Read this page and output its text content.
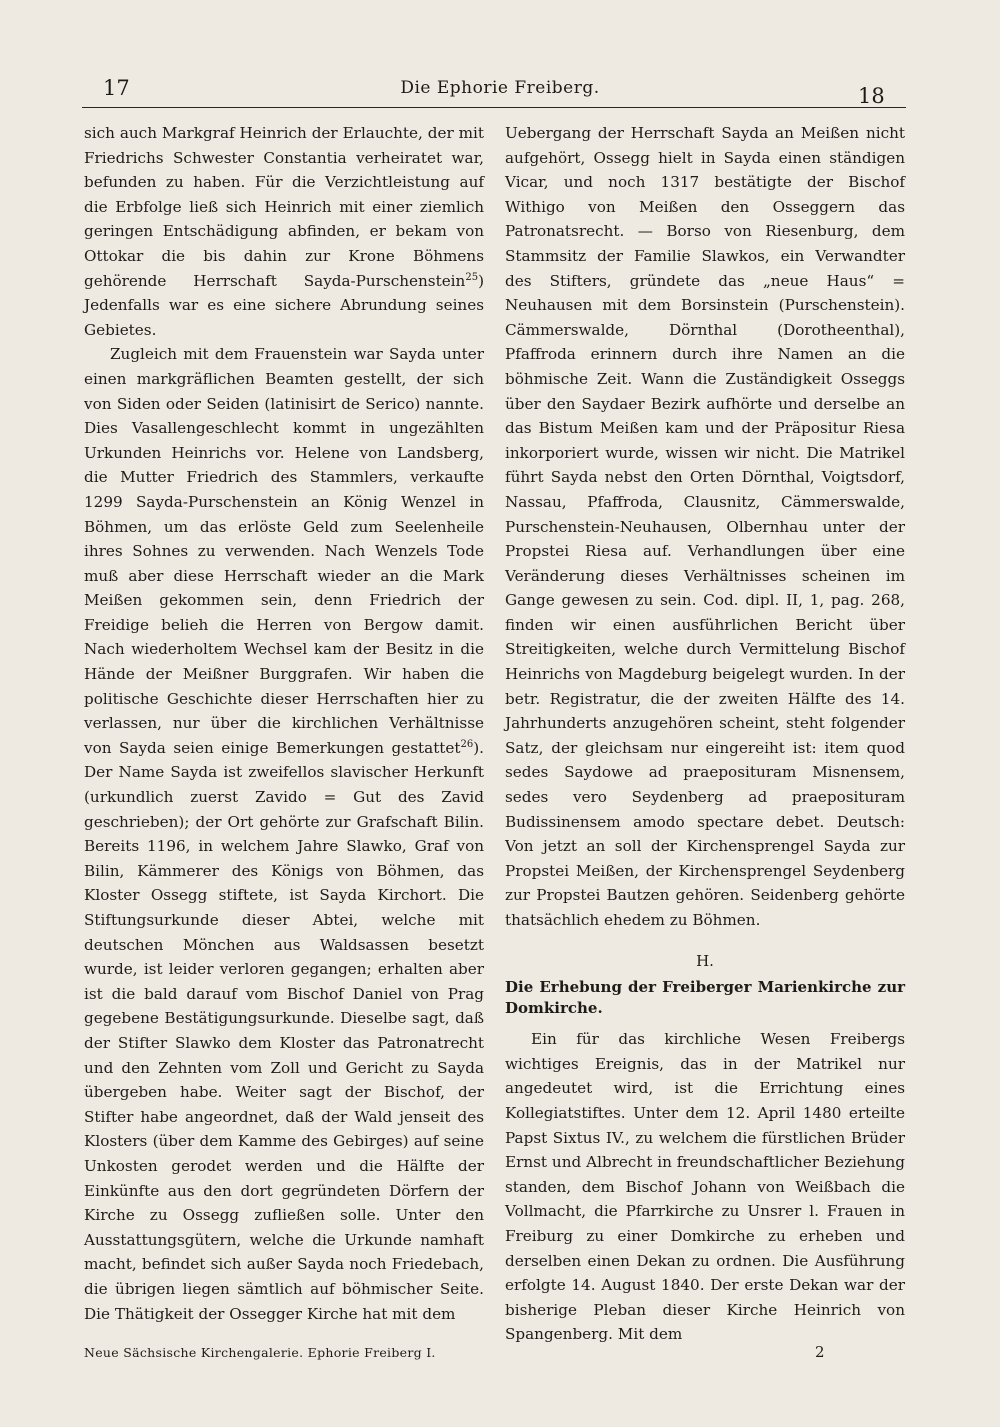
17	Die Ephorie Freiberg.	18

sich auch Markgraf Heinrich der Erlauchte, der mit Friedrichs Schwester Constantia verheiratet war, befunden zu haben. Für die Verzichtleistung auf die Erbfolge ließ sich Heinrich mit einer ziemlich geringen Entschädigung abfinden, er bekam von Ottokar die bis dahin zur Krone Böhmens gehörende Herrschaft Sayda-Purschenstein$^{25}$) Jedenfalls war es eine sichere Abrundung seines Gebietes.

Zugleich mit dem Frauenstein war Sayda unter einen markgräflichen Beamten gestellt, der sich von Siden oder Seiden (latinisirt de Serico) nannte. Dies Vasallengeschlecht kommt in ungezählten Urkunden Heinrichs vor. Helene von Landsberg, die Mutter Friedrich des Stammlers, verkaufte 1299 Sayda-Purschenstein an König Wenzel in Böhmen, um das erlöste Geld zum Seelenheile ihres Sohnes zu verwenden. Nach Wenzels Tode muß aber diese Herrschaft wieder an die Mark Meißen gekommen sein, denn Friedrich der Freidige belieh die Herren von Bergow damit. Nach wiederholtem Wechsel kam der Besitz in die Hände der Meißner Burggrafen. Wir haben die politische Geschichte dieser Herrschaften hier zu verlassen, nur über die kirchlichen Verhältnisse von Sayda seien einige Bemerkungen gestattet$^{26}$). Der Name Sayda ist zweifellos slavischer Herkunft (urkundlich zuerst Zavido = Gut des Zavid geschrieben); der Ort gehörte zur Grafschaft Bilin. Bereits 1196, in welchem Jahre Slawko, Graf von Bilin, Kämmerer des Königs von Böhmen, das Kloster Ossegg stiftete, ist Sayda Kirchort. Die Stiftungsurkunde dieser Abtei, welche mit deutschen Mönchen aus Waldsassen besetzt wurde, ist leider verloren gegangen; erhalten aber ist die bald darauf vom Bischof Daniel von Prag gegebene Bestätigungsurkunde. Dieselbe sagt, daß der Stifter Slawko dem Kloster das Patronatrecht und den Zehnten vom Zoll und Gericht zu Sayda übergeben habe. Weiter sagt der Bischof, der Stifter habe angeordnet, daß der Wald jenseit des Klosters (über dem Kamme des Gebirges) auf seine Unkosten gerodet werden und die Hälfte der Einkünfte aus den dort gegründeten Dörfern der Kirche zu Ossegg zufließen solle. Unter den Ausstattungsgütern, welche die Urkunde namhaft macht, befindet sich außer Sayda noch Friedebach, die übrigen liegen sämtlich auf böhmischer Seite. Die Thätigkeit der Ossegger Kirche hat mit dem

Uebergang der Herrschaft Sayda an Meißen nicht aufgehört, Ossegg hielt in Sayda einen ständigen Vicar, und noch 1317 bestätigte der Bischof Withigo von Meißen den Osseggern das Patronatsrecht. — Borso von Riesenburg, dem Stammsitz der Familie Slawkos, ein Verwandter des Stifters, gründete das „neue Haus“ = Neuhausen mit dem Borsinstein (Purschenstein). Cämmerswalde, Dörnthal (Dorotheenthal), Pfaffroda erinnern durch ihre Namen an die böhmische Zeit. Wann die Zuständigkeit Osseggs über den Saydaer Bezirk aufhörte und derselbe an das Bistum Meißen kam und der Präpositur Riesa inkorporiert wurde, wissen wir nicht. Die Matrikel führt Sayda nebst den Orten Dörnthal, Voigtsdorf, Nassau, Pfaffroda, Clausnitz, Cämmerswalde, Purschenstein-Neuhausen, Olbernhau unter der Propstei Riesa auf. Verhandlungen über eine Veränderung dieses Verhältnisses scheinen im Gange gewesen zu sein. Cod. dipl. II, 1, pag. 268, finden wir einen ausführlichen Bericht über Streitigkeiten, welche durch Vermittelung Bischof Heinrichs von Magdeburg beigelegt wurden. In der betr. Registratur, die der zweiten Hälfte des 14. Jahrhunderts anzugehören scheint, steht folgender Satz, der gleichsam nur eingereiht ist: item quod sedes Saydowe ad praeposituram Misnensem, sedes vero Seydenberg ad praeposituram Budissinensem amodo spectare debet. Deutsch: Von jetzt an soll der Kirchensprengel Sayda zur Propstei Meißen, der Kirchensprengel Seydenberg zur Propstei Bautzen gehören. Seidenberg gehörte thatsächlich ehedem zu Böhmen.

H.
Die Erhebung der Freiberger Marienkirche zur Domkirche.

Ein für das kirchliche Wesen Freibergs wichtiges Ereignis, das in der Matrikel nur angedeutet wird, ist die Errichtung eines Kollegiatstiftes. Unter dem 12. April 1480 erteilte Papst Sixtus IV., zu welchem die fürstlichen Brüder Ernst und Albrecht in freundschaftlicher Beziehung standen, dem Bischof Johann von Weißbach die Vollmacht, die Pfarrkirche zu Unsrer l. Frauen in Freiburg zu einer Domkirche zu erheben und derselben einen Dekan zu ordnen. Die Ausführung erfolgte 14. August 1840. Der erste Dekan war der bisherige Pleban dieser Kirche Heinrich von Spangenberg. Mit dem

Neue Sächsische Kirchengalerie. Ephorie Freiberg I.	2
